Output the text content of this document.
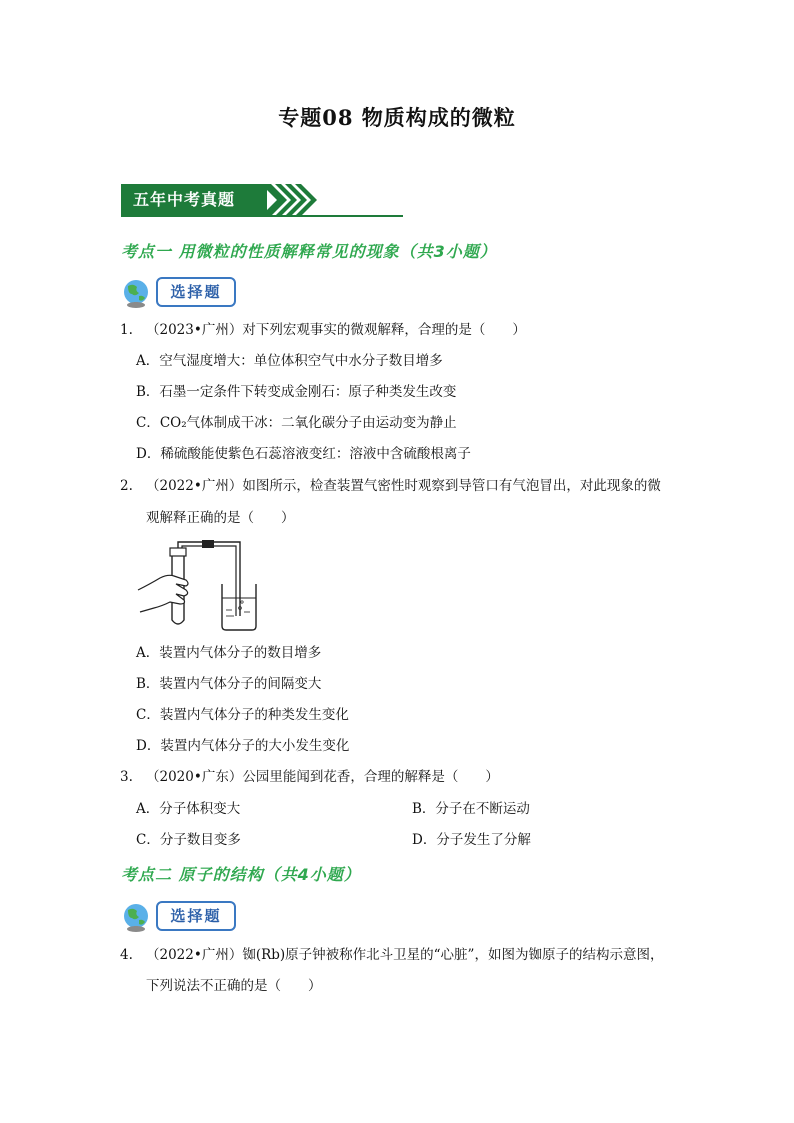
专题08 物质构成的微粒
五年中考真题
考点一 用微粒的性质解释常见的现象（共3小题）
选择题
1. （2023•广州）对下列宏观事实的微观解释，合理的是（　　）
A．空气湿度增大：单位体积空气中水分子数目增多
B．石墨一定条件下转变成金刚石：原子种类发生改变
C．CO₂气体制成干冰：二氧化碳分子由运动变为静止
D．稀硫酸能使紫色石蕊溶液变红：溶液中含硫酸根离子
2. （2022•广州）如图所示，检查装置气密性时观察到导管口有气泡冒出，对此现象的微
观解释正确的是（　　）
A．装置内气体分子的数目增多
B．装置内气体分子的间隔变大
C．装置内气体分子的种类发生变化
D．装置内气体分子的大小发生变化
3. （2020•广东）公园里能闻到花香，合理的解释是（　　）
A．分子体积变大	B．分子在不断运动
C．分子数目变多	D．分子发生了分解
考点二 原子的结构（共4小题）
选择题
4. （2022•广州）铷(Rb)原子钟被称作北斗卫星的“心脏”，如图为铷原子的结构示意图，
下列说法不正确的是（　　）
